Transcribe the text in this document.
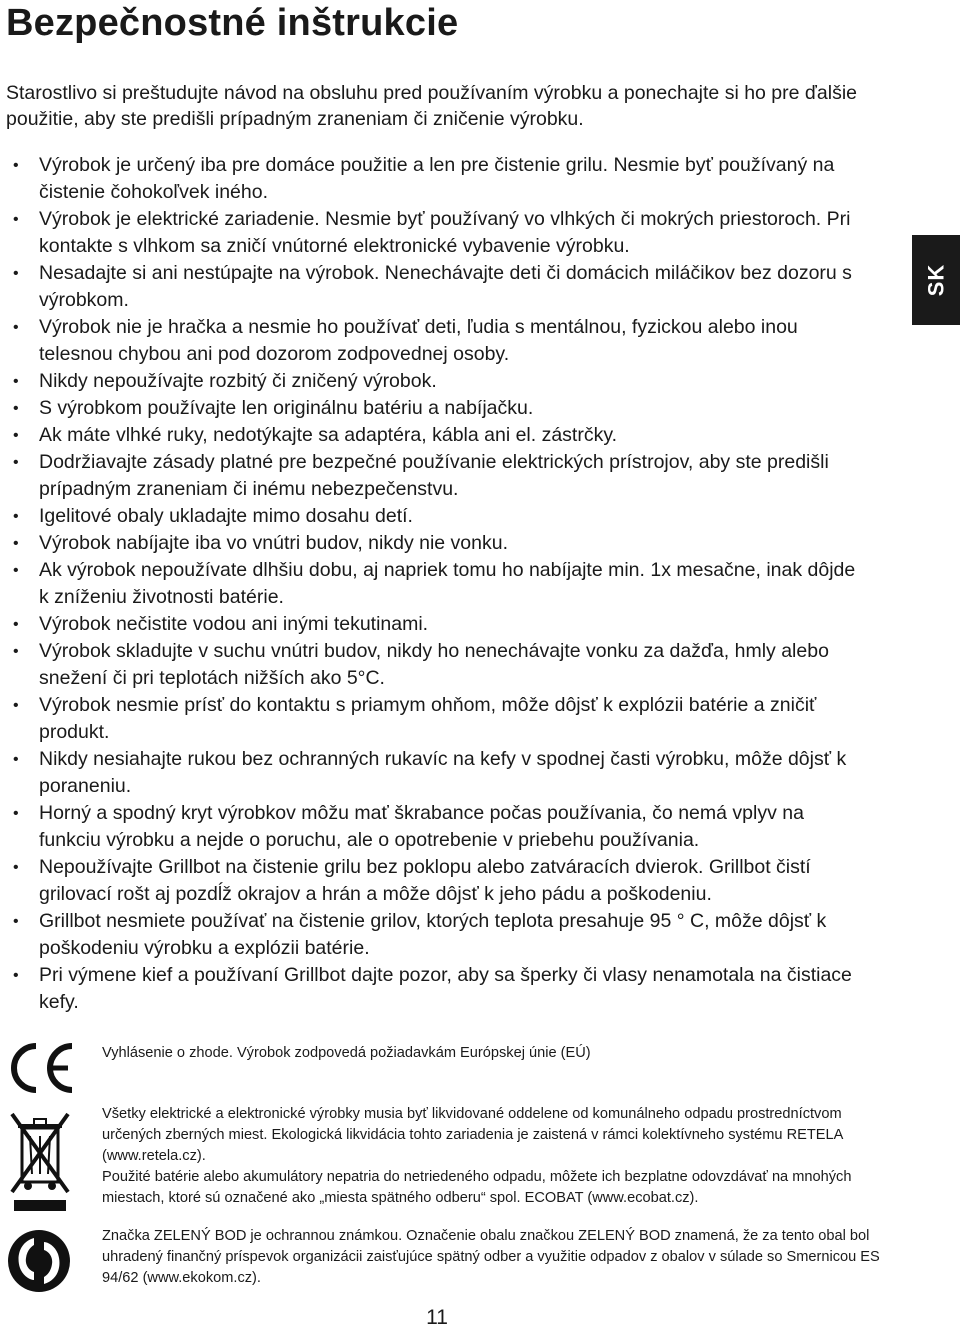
Bezpečnostné inštrukcie

Starostlivo si preštudujte návod na obsluhu pred používaním výrobku a ponechajte si ho pre ďalšie použitie, aby ste predišli prípadným zraneniam či zničenie výrobku.

• Výrobok je určený iba pre domáce použitie a len pre čistenie grilu. Nesmie byť používaný na čistenie čohokoľvek iného.
• Výrobok je elektrické zariadenie. Nesmie byť používaný vo vlhkých či mokrých priestoroch. Pri kontakte s vlhkom sa zničí vnútorné elektronické vybavenie výrobku.
• Nesadajte si ani nestúpajte na výrobok. Nenechávajte deti či domácich miláčikov bez dozoru s výrobkom.
• Výrobok nie je hračka a nesmie ho používať deti, ľudia s mentálnou, fyzickou alebo inou telesnou chybou ani pod dozorom zodpovednej osoby.
• Nikdy nepoužívajte rozbitý či zničený výrobok.
• S výrobkom používajte len originálnu batériu a nabíjačku.
• Ak máte vlhké ruky, nedotýkajte sa adaptéra, kábla ani el. zástrčky.
• Dodržiavajte zásady platné pre bezpečné používanie elektrických prístrojov, aby ste predišli prípadným zraneniam či inému nebezpečenstvu.
• Igelitové obaly ukladajte mimo dosahu detí.
• Výrobok nabíjajte iba vo vnútri budov, nikdy nie vonku.
• Ak výrobok nepoužívate dlhšiu dobu, aj napriek tomu ho nabíjajte min. 1x mesačne, inak dôjde k zníženiu životnosti batérie.
• Výrobok nečistite vodou ani inými tekutinami.
• Výrobok skladujte v suchu vnútri budov, nikdy ho nenechávajte vonku za dažďa, hmly alebo snežení či pri teplotách nižších ako 5°C.
• Výrobok nesmie prísť do kontaktu s priamym ohňom, môže dôjsť k explózii batérie a zničiť produkt.
• Nikdy nesiahajte rukou bez ochranných rukavíc na kefy v spodnej časti výrobku, môže dôjsť k poraneniu.
• Horný a spodný kryt výrobkov môžu mať škrabance počas používania, čo nemá vplyv na funkciu výrobku a nejde o poruchu, ale o opotrebenie v priebehu používania.
• Nepoužívajte Grillbot na čistenie grilu bez poklopu alebo zatváracích dvierok. Grillbot čistí grilovací rošt aj pozdĺž okrajov a hrán a môže dôjsť k jeho pádu a poškodeniu.
• Grillbot nesmiete používať na čistenie grilov, ktorých teplota presahuje 95 ° C, môže dôjsť k poškodeniu výrobku a explózii batérie.
• Pri výmene kief a používaní Grillbot dajte pozor, aby sa šperky či vlasy nenamotala na čistiace kefy.
SK

Vyhlásenie o zhode. Výrobok zodpovedá požiadavkám Európskej únie (EÚ)

Všetky elektrické a elektronické výrobky musia byť likvidované oddelene od komunálneho odpadu prostredníctvom určených zberných miest. Ekologická likvidácia tohto zariadenia je zaistená v rámci kolektívneho systému RETELA (www.retela.cz).
Použité batérie alebo akumulátory nepatria do netriedeného odpadu, môžete ich bezplatne odovzdávať na mnohých miestach, ktoré sú označené ako „miesta spätného odberu“ spol. ECOBAT (www.ecobat.cz).

Značka ZELENÝ BOD je ochrannou známkou. Označenie obalu značkou ZELENÝ BOD znamená, že za tento obal bol uhradený finančný príspevok organizácii zaisťujúce spätný odber a využitie odpadov z obalov v súlade so Smernicou ES 94/62 (www.ekokom.cz).

11
